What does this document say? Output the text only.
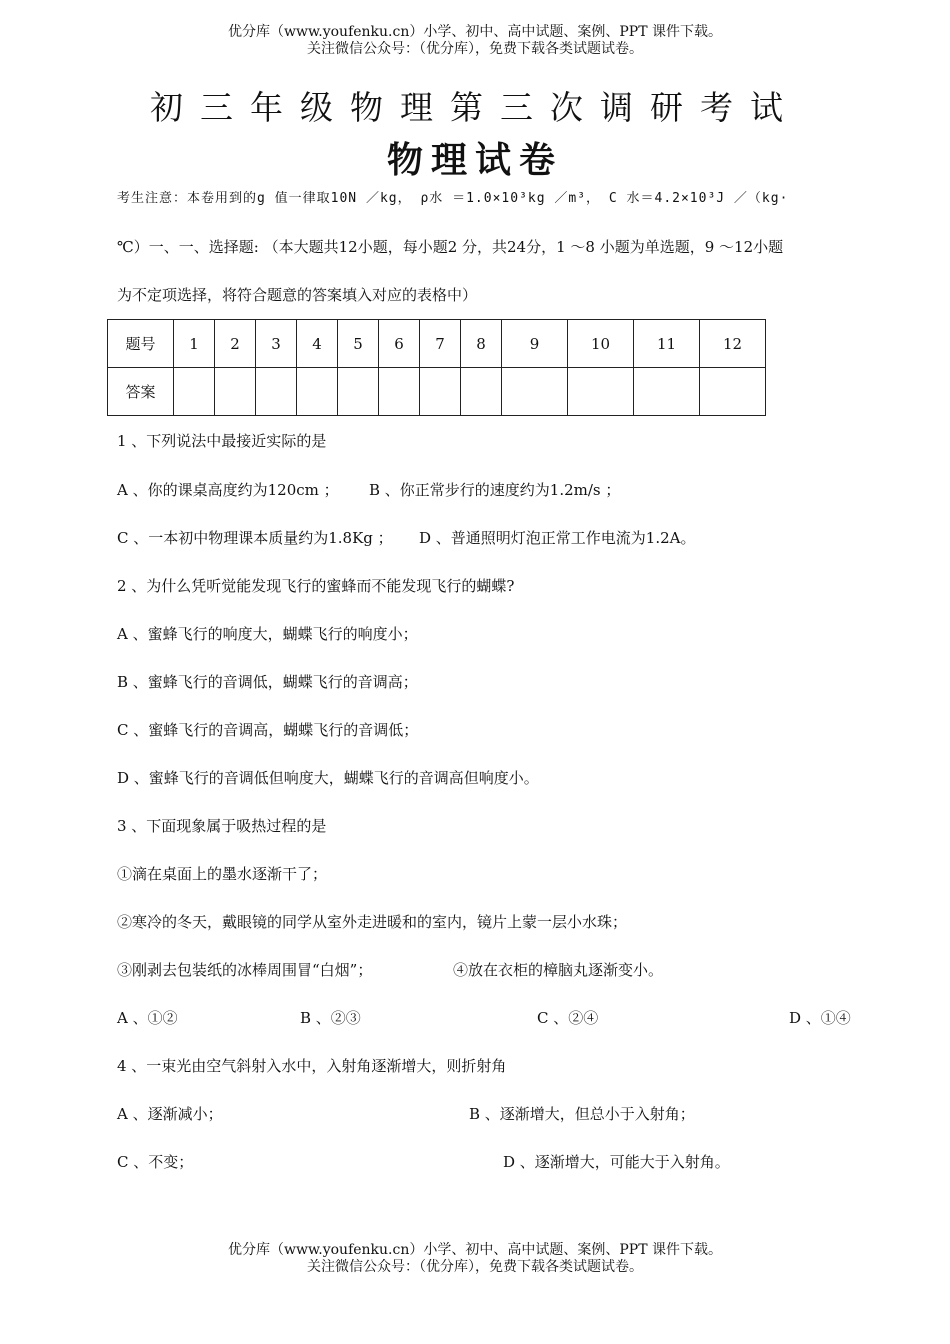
优分库（www.youfenku.cn）小学、初中、高中试题、案例、PPT 课件下载。
关注微信公众号：（优分库），免费下载各类试题试卷。
初三年级物理第三次调研考试
物理试卷
考生注意：本卷用到的g 值一律取10N ／kg， ρ水 ＝1.0×10³kg ／m³， C 水＝4.2×10³J ／（kg·
℃）一、一、选择题: （本大题共12小题，每小题2 分，共24分，1 ～8 小题为单选题，9 ～12小题
为不定项选择，将符合题意的答案填入对应的表格中）
题号	1	2	3	4	5	6	7	8	9	10	11	12
答案												
1 、下列说法中最接近实际的是
A 、你的课桌高度约为120cm ； B 、你正常步行的速度约为1.2m/s ；
C 、一本初中物理课本质量约为1.8Kg ； D 、普通照明灯泡正常工作电流为1.2A。
2 、为什么凭听觉能发现飞行的蜜蜂而不能发现飞行的蝴蝶?
A 、蜜蜂飞行的响度大，蝴蝶飞行的响度小；
B 、蜜蜂飞行的音调低，蝴蝶飞行的音调高；
C 、蜜蜂飞行的音调高，蝴蝶飞行的音调低；
D 、蜜蜂飞行的音调低但响度大，蝴蝶飞行的音调高但响度小。
3 、下面现象属于吸热过程的是
①滴在桌面上的墨水逐渐干了；
②寒冷的冬天，戴眼镜的同学从室外走进暖和的室内，镜片上蒙一层小水珠；
③刚剥去包装纸的冰棒周围冒“白烟”；	④放在衣柜的樟脑丸逐渐变小。
A 、①②	B 、②③	C 、②④	D 、①④
4 、一束光由空气斜射入水中，入射角逐渐增大，则折射角
A 、逐渐减小；	B 、逐渐增大，但总小于入射角；
C 、不变；	D 、逐渐增大，可能大于入射角。
优分库（www.youfenku.cn）小学、初中、高中试题、案例、PPT 课件下载。
关注微信公众号：（优分库），免费下载各类试题试卷。
